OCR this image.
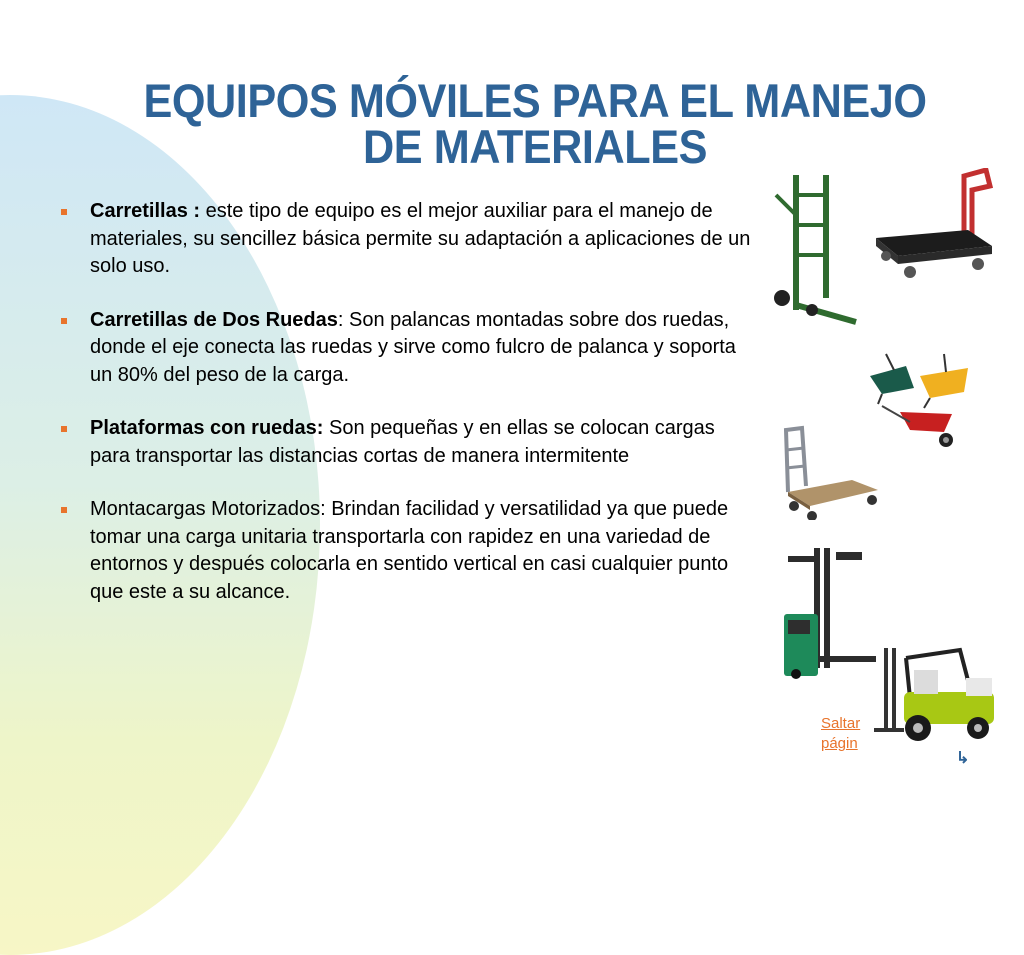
EQUIPOS MÓVILES PARA EL MANEJO
DE MATERIALES
Carretillas : este tipo de equipo es el mejor auxiliar para el manejo de materiales, su sencillez básica permite su adaptación a aplicaciones de un solo uso.
Carretillas de Dos Ruedas: Son palancas montadas sobre dos ruedas, donde el eje conecta las ruedas y sirve como fulcro de palanca y soporta un 80% del peso de la carga.
Plataformas con ruedas: Son pequeñas y en ellas se colocan cargas para transportar las distancias cortas de manera intermitente
Montacargas Motorizados: Brindan facilidad y versatilidad ya que puede tomar una carga unitaria transportarla con rapidez en una variedad de entornos y después colocarla en sentido vertical en casi cualquier punto que este a su alcance.
Saltar
págin
↳
